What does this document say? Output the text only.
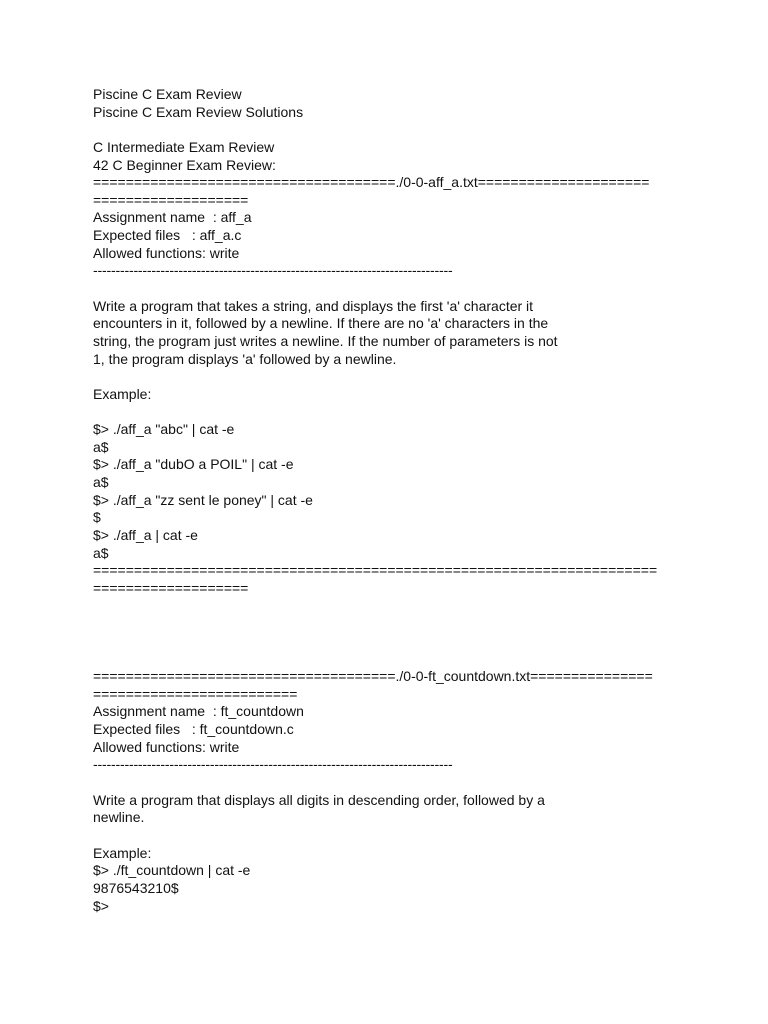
Piscine C Exam Review
Piscine C Exam Review Solutions
C Intermediate Exam Review
42 C Beginner Exam Review:
=====================================./0-0-aff_a.txt=====================
===================
Assignment name  : aff_a
Expected files   : aff_a.c
Allowed functions: write
--------------------------------------------------------------------------------
Write a program that takes a string, and displays the first 'a' character it
encounters in it, followed by a newline. If there are no 'a' characters in the
string, the program just writes a newline. If the number of parameters is not
1, the program displays 'a' followed by a newline.
Example:
$> ./aff_a "abc" | cat -e
a$
$> ./aff_a "dubO a POIL" | cat -e
a$
$> ./aff_a "zz sent le poney" | cat -e
$
$> ./aff_a | cat -e
a$
=====================================================================
===================
=====================================./0-0-ft_countdown.txt===============
=========================
Assignment name  : ft_countdown
Expected files   : ft_countdown.c
Allowed functions: write
--------------------------------------------------------------------------------
Write a program that displays all digits in descending order, followed by a
newline.
Example:
$> ./ft_countdown | cat -e
9876543210$
$>
